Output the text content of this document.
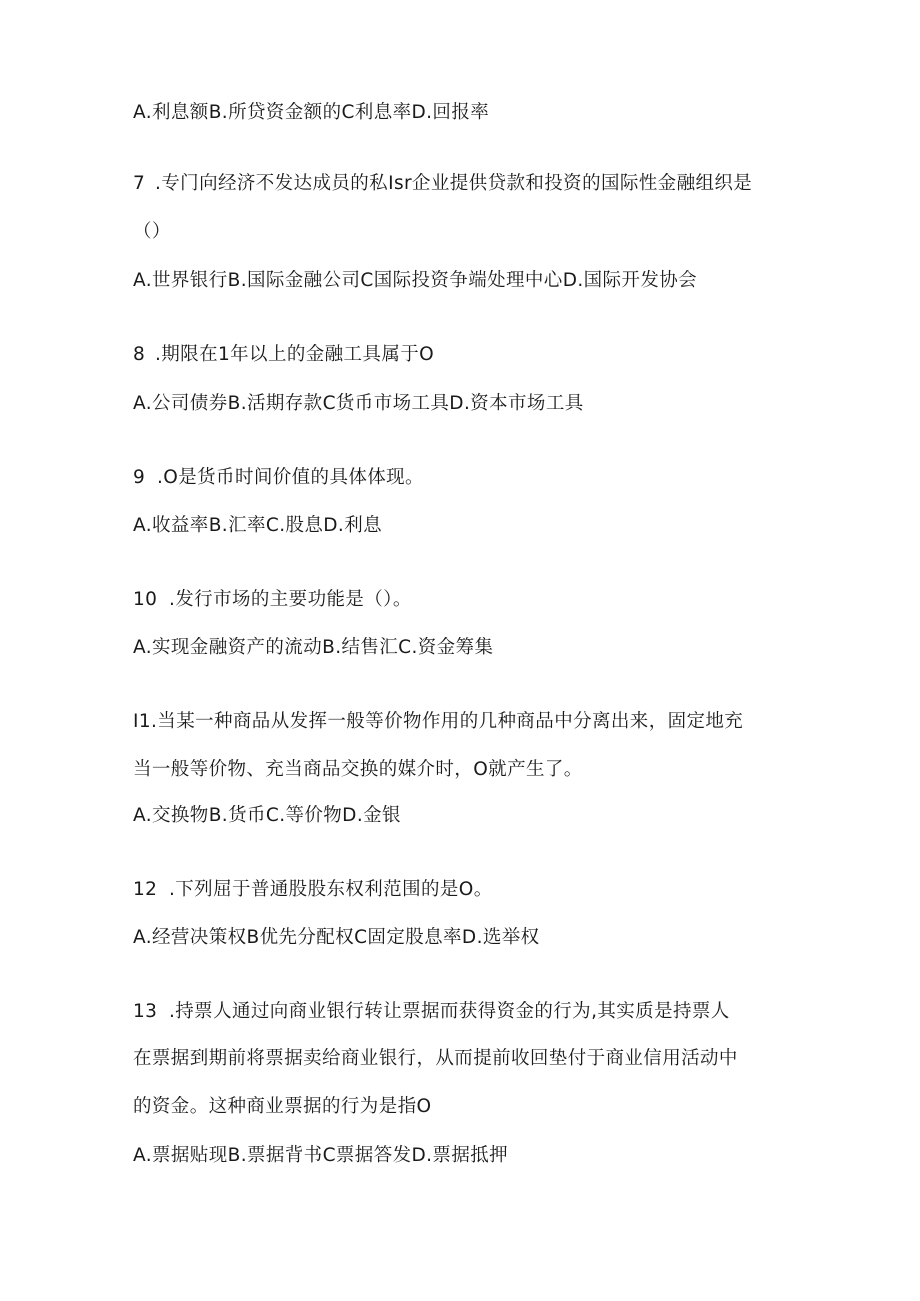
A.利息额B.所贷资金额的C利息率D.回报率

7 .专门向经济不发达成员的私Isr企业提供贷款和投资的国际性金融组织是

（）

A.世界银行B.国际金融公司C国际投资争端处理中心D.国际开发协会

8 .期限在1年以上的金融工具属于O

A.公司债券B.活期存款C货币市场工具D.资本市场工具

9 .O是货币时间价值的具体体现。

A.收益率B.汇率C.股息D.利息

10 .发行市场的主要功能是（）。

A.实现金融资产的流动B.结售汇C.资金筹集

I1.当某一种商品从发挥一般等价物作用的几种商品中分离出来，固定地充

当一般等价物、充当商品交换的媒介时，O就产生了。

A.交换物B.货币C.等价物D.金银

12 .下列屈于普通股股东权利范围的是O。

A.经营决策权B优先分配权C固定股息率D.选举权

13 .持票人通过向商业银行转让票据而获得资金的行为,其实质是持票人

在票据到期前将票据卖给商业银行，从而提前收回垫付于商业信用活动中

的资金。这种商业票据的行为是指O

A.票据贴现B.票据背书C票据答发D.票据抵押
